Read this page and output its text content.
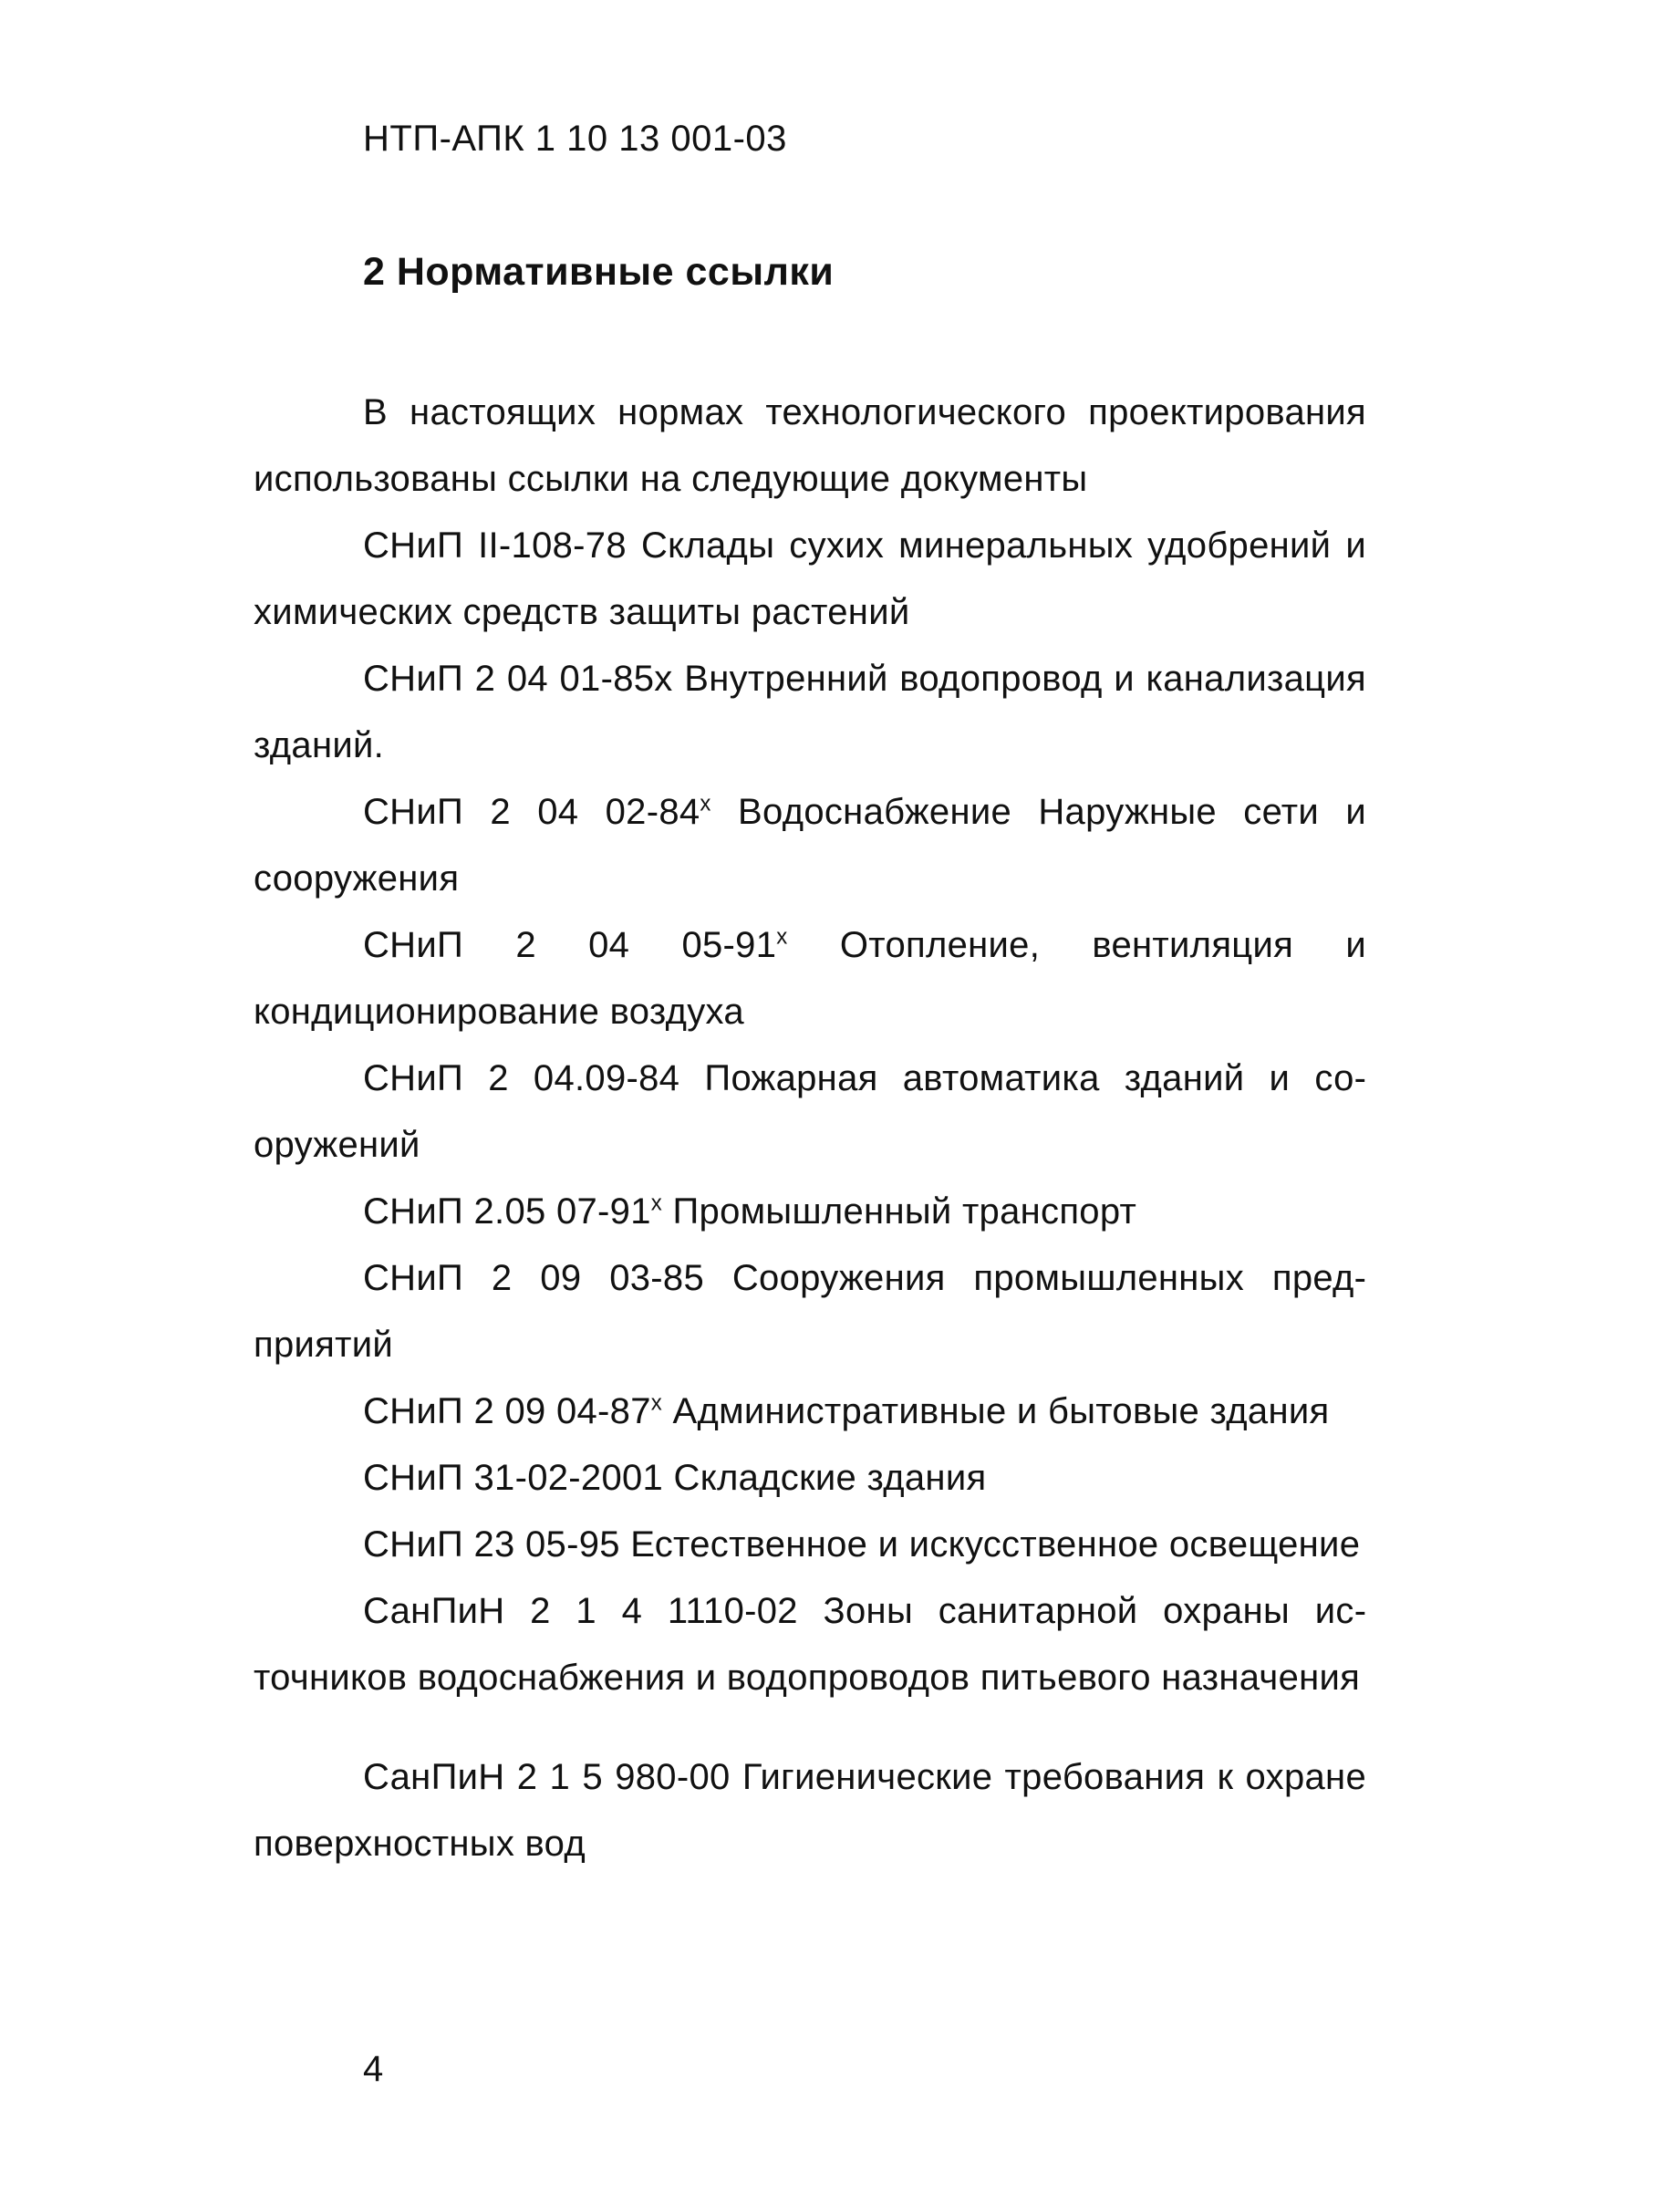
НТП-АПК 1 10 13 001-03
2 Нормативные ссылки

В настоящих нормах технологического проектирования использованы ссылки на следующие документы

СНиП II-108-78 Склады сухих минеральных удобрений и химических средств защиты растений

СНиП 2 04 01-85х Внутренний водопровод и канализация зданий.

СНиП 2 04 02-84$^x$ Водоснабжение Наружные сети и сооружения

СНиП 2 04 05-91$^x$ Отопление, вентиляция и кондиционирование воздуха

СНиП 2 04.09-84 Пожарная автоматика зданий и сооружений

СНиП 2.05 07-91$^x$ Промышленный транспорт

СНиП 2 09 03-85 Сооружения промышленных предприятий

СНиП 2 09 04-87$^x$ Административные и бытовые здания

СНиП 31-02-2001 Складские здания

СНиП 23 05-95 Естественное и искусственное освещение

СанПиН 2 1 4 1110-02 Зоны санитарной охраны источников водоснабжения и водопроводов питьевого назначения

СанПиН 2 1 5 980-00 Гигиенические требования к охране поверхностных вод

4
